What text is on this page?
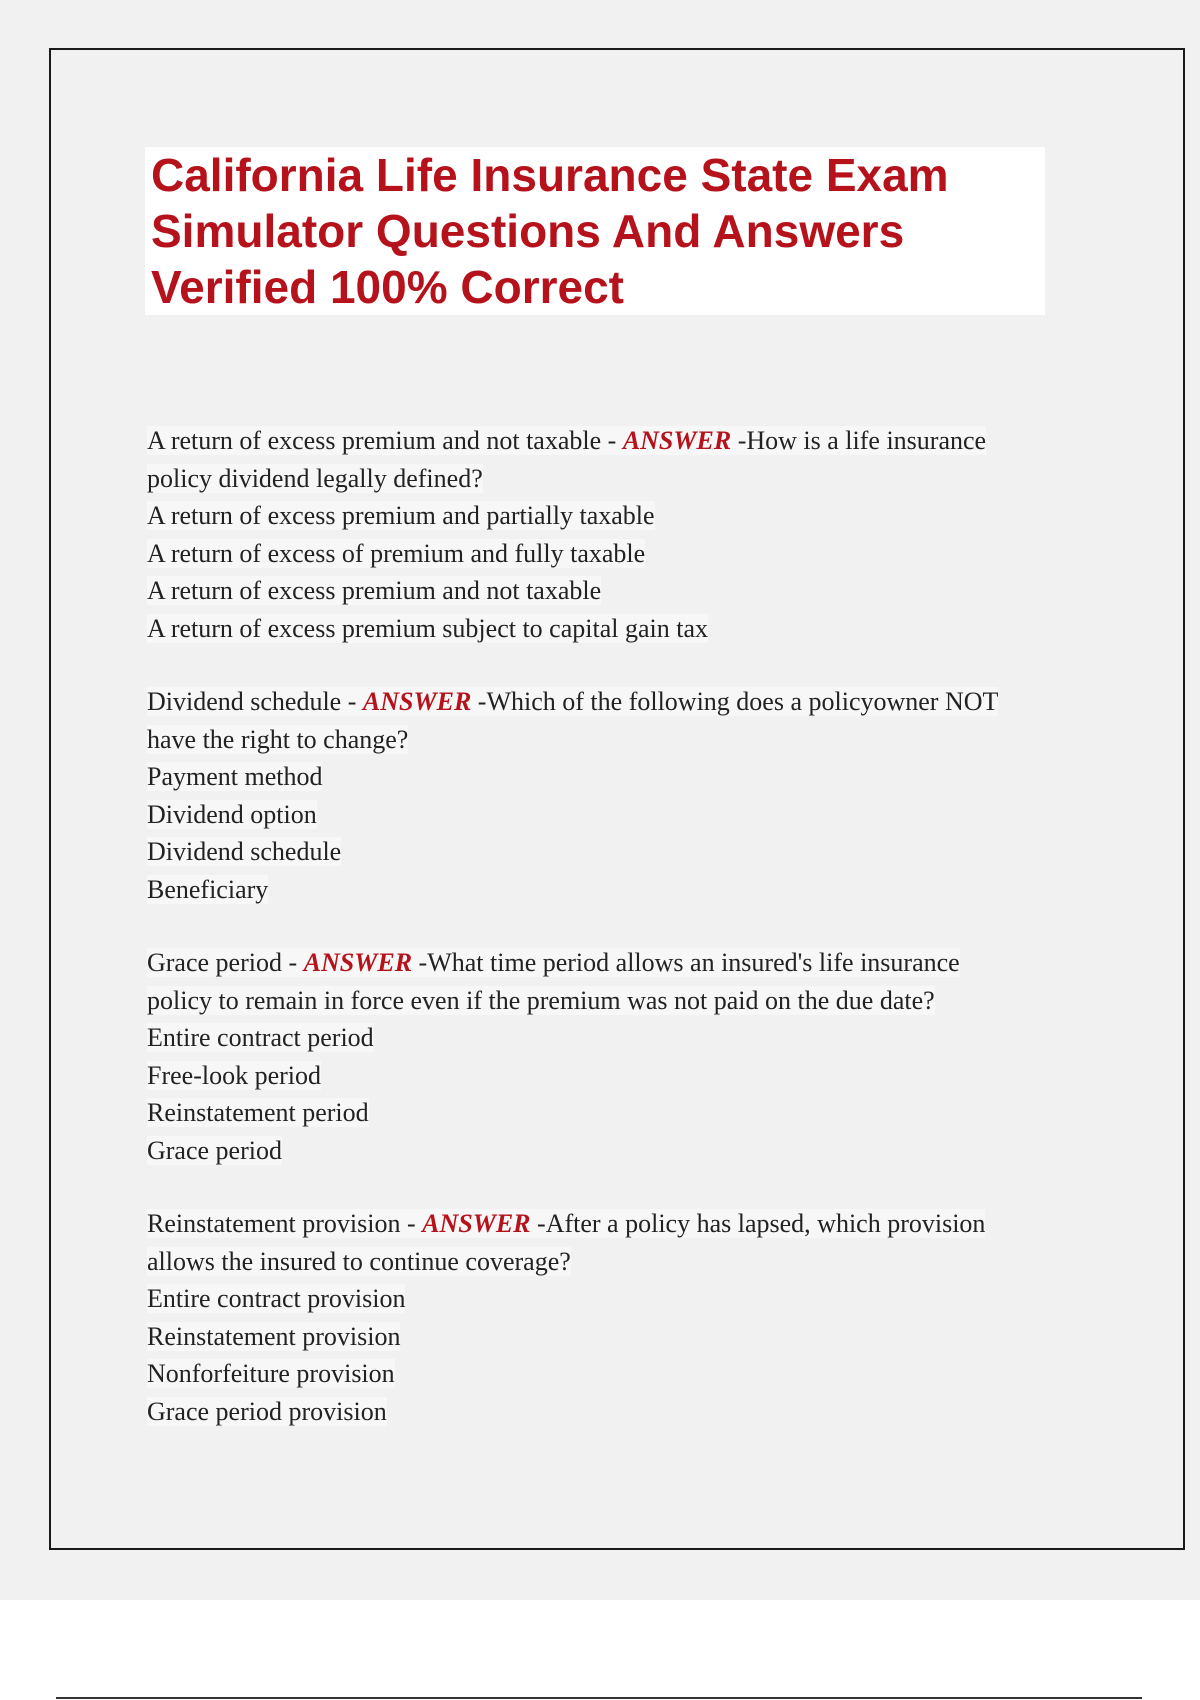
California Life Insurance State Exam
Simulator Questions And Answers
Verified 100% Correct
A return of excess premium and not taxable - ANSWER -How is a life insurance
policy dividend legally defined?
A return of excess premium and partially taxable
A return of excess of premium and fully taxable
A return of excess premium and not taxable
A return of excess premium subject to capital gain tax
Dividend schedule - ANSWER -Which of the following does a policyowner NOT
have the right to change?
Payment method
Dividend option
Dividend schedule
Beneficiary
Grace period - ANSWER -What time period allows an insured's life insurance
policy to remain in force even if the premium was not paid on the due date?
Entire contract period
Free-look period
Reinstatement period
Grace period
Reinstatement provision - ANSWER -After a policy has lapsed, which provision
allows the insured to continue coverage?
Entire contract provision
Reinstatement provision
Nonforfeiture provision
Grace period provision
